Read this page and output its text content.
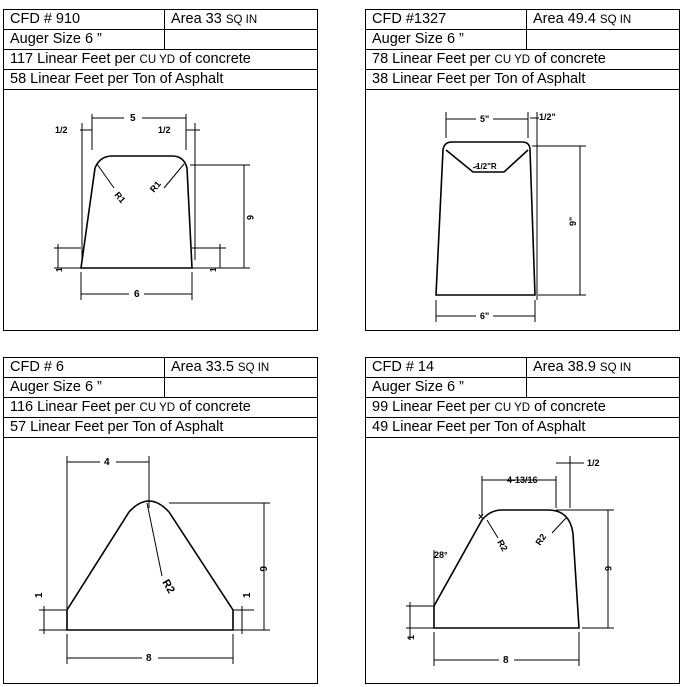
CFD # 910	Area 33 SQ IN
Auger Size 6 ”
117 Linear Feet per CU YD of concrete
58 Linear Feet per Ton of Asphalt
R1
R1
5
1/2	1/2
6
1	1
6
CFD #1327	Area 49.4 SQ IN
Auger Size 6 ”
78 Linear Feet per CU YD of concrete
38 Linear Feet per Ton of Asphalt
1/2"R
5"	1/2"
9"
6"
CFD # 6	Area 33.5 SQ IN
Auger Size 6 ”
116 Linear Feet per CU YD of concrete
57 Linear Feet per Ton of Asphalt
R2
4
6
1	1
8
CFD # 14	Area 38.9 SQ IN
Auger Size 6 ”
99 Linear Feet per CU YD of concrete
49 Linear Feet per Ton of Asphalt
×
R2	R2
4-13/16
1/2
28°
6
1
8
